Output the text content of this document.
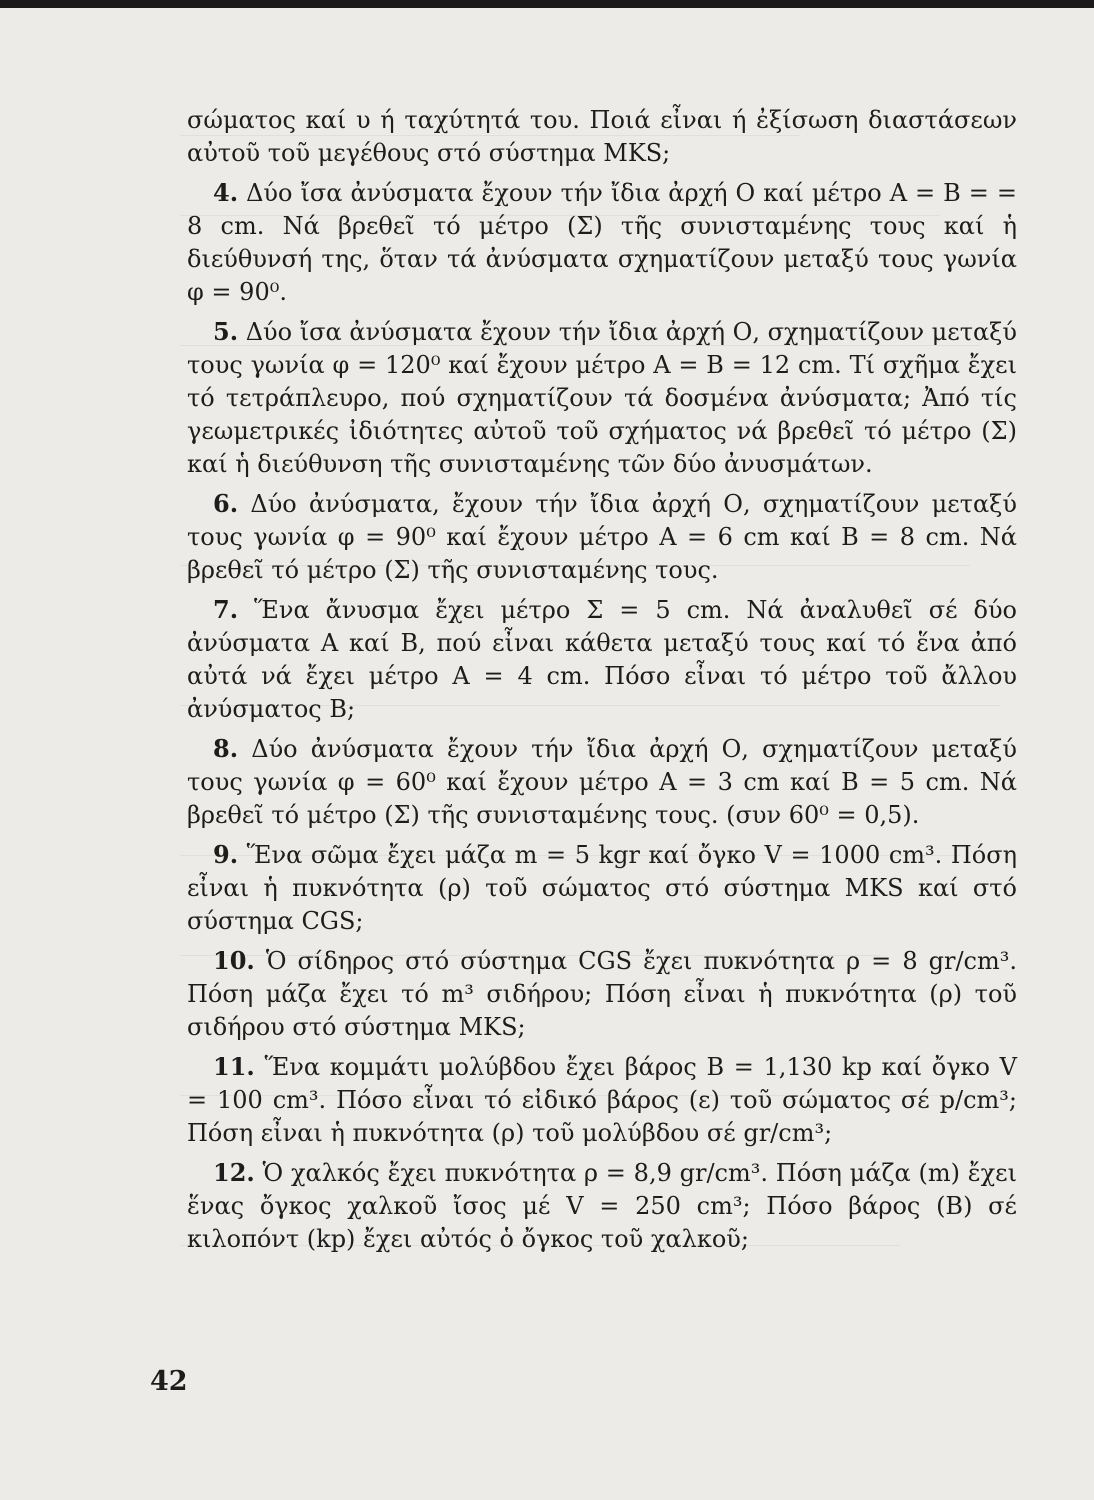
σώματος καί υ ή ταχύτητά του. Ποιά εἶναι ή ἐξίσωση διαστάσεων αὐτοῦ τοῦ μεγέθους στό σύστημα MKS;

4. Δύο ἴσα ἀνύσματα ἔχουν τήν ἴδια ἀρχή Ο καί μέτρο Α = Β = = 8 cm. Νά βρεθεῖ τό μέτρο (Σ) τῆς συνισταμένης τους καί ἡ διεύθυνσή της, ὅταν τά ἀνύσματα σχηματίζουν μεταξύ τους γωνία φ = 90⁰.

5. Δύο ἴσα ἀνύσματα ἔχουν τήν ἴδια ἀρχή Ο, σχηματίζουν μεταξύ τους γωνία φ = 120⁰ καί ἔχουν μέτρο Α = Β = 12 cm. Τί σχῆμα ἔχει τό τετράπλευρο, πού σχηματίζουν τά δοσμένα ἀνύσματα; Ἀπό τίς γεωμετρικές ἰδιότητες αὐτοῦ τοῦ σχήματος νά βρεθεῖ τό μέτρο (Σ) καί ἡ διεύθυνση τῆς συνισταμένης τῶν δύο ἀνυσμάτων.

6. Δύο ἀνύσματα, ἔχουν τήν ἴδια ἀρχή Ο, σχηματίζουν μεταξύ τους γωνία φ = 90⁰ καί ἔχουν μέτρο Α = 6 cm καί Β = 8 cm. Νά βρεθεῖ τό μέτρο (Σ) τῆς συνισταμένης τους.

7. Ἕνα ἄνυσμα ἔχει μέτρο Σ = 5 cm. Νά ἀναλυθεῖ σέ δύο ἀνύσματα Α καί Β, πού εἶναι κάθετα μεταξύ τους καί τό ἕνα ἀπό αὐτά νά ἔχει μέτρο Α = 4 cm. Πόσο εἶναι τό μέτρο τοῦ ἄλλου ἀνύσματος Β;

8. Δύο ἀνύσματα ἔχουν τήν ἴδια ἀρχή Ο, σχηματίζουν μεταξύ τους γωνία φ = 60⁰ καί ἔχουν μέτρο Α = 3 cm καί Β = 5 cm. Νά βρεθεῖ τό μέτρο (Σ) τῆς συνισταμένης τους. (συν 60⁰ = 0,5).

9. Ἕνα σῶμα ἔχει μάζα m = 5 kgr καί ὄγκο V = 1000 cm³. Πόση εἶναι ἡ πυκνότητα (ρ) τοῦ σώματος στό σύστημα MKS καί στό σύστημα CGS;

10. Ὁ σίδηρος στό σύστημα CGS ἔχει πυκνότητα ρ = 8 gr/cm³. Πόση μάζα ἔχει τό m³ σιδήρου; Πόση εἶναι ἡ πυκνότητα (ρ) τοῦ σιδήρου στό σύστημα MKS;

11. Ἕνα κομμάτι μολύβδου ἔχει βάρος Β = 1,130 kp καί ὄγκο V = 100 cm³. Πόσο εἶναι τό εἰδικό βάρος (ε) τοῦ σώματος σέ p/cm³; Πόση εἶναι ἡ πυκνότητα (ρ) τοῦ μολύβδου σέ gr/cm³;

12. Ὁ χαλκός ἔχει πυκνότητα ρ = 8,9 gr/cm³. Πόση μάζα (m) ἔχει ἕνας ὄγκος χαλκοῦ ἴσος μέ V = 250 cm³; Πόσο βάρος (Β) σέ κιλοπόντ (kp) ἔχει αὐτός ὁ ὄγκος τοῦ χαλκοῦ;

42
